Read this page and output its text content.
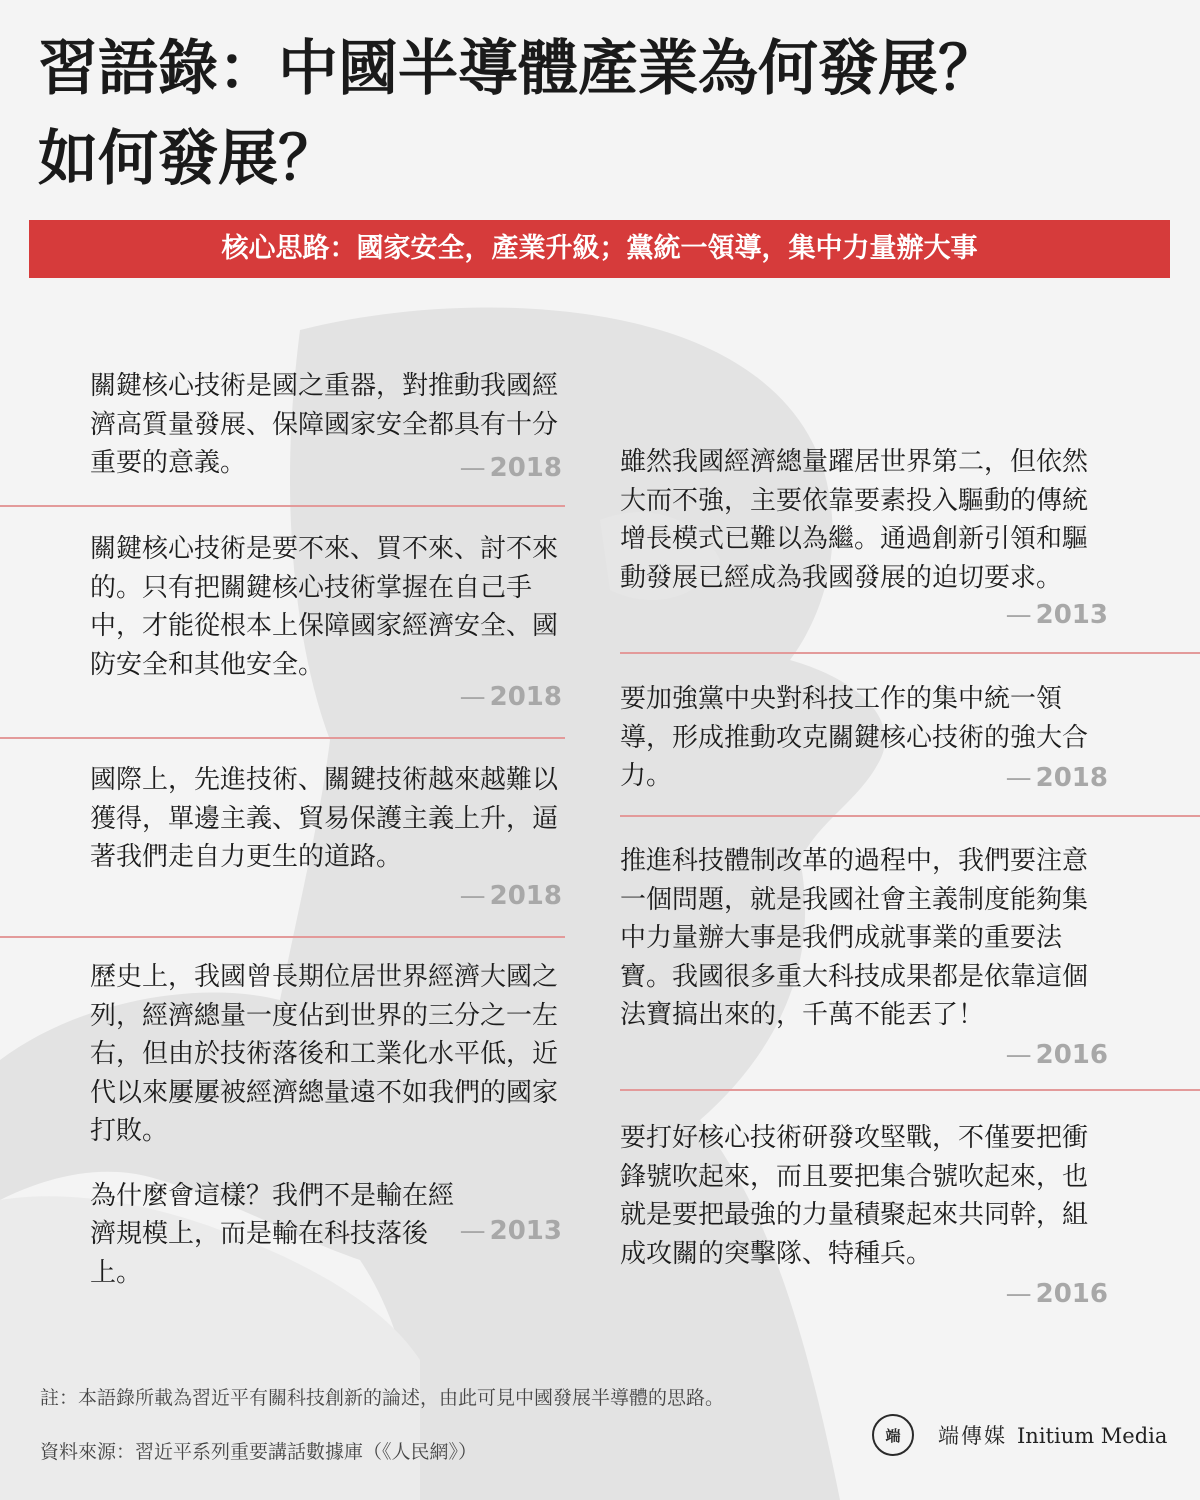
習語錄：中國半導體產業為何發展？
如何發展？
核心思路：國家安全，產業升級；黨統一領導，集中力量辦大事

關鍵核心技術是國之重器，對推動我國經濟高質量發展、保障國家安全都具有十分重要的意義。	— 2018

關鍵核心技術是要不來、買不來、討不來的。只有把關鍵核心技術掌握在自己手中，才能從根本上保障國家經濟安全、國防安全和其他安全。

— 2018

國際上，先進技術、關鍵技術越來越難以獲得，單邊主義、貿易保護主義上升，逼著我們走自力更生的道路。

— 2018

歷史上，我國曾長期位居世界經濟大國之列，經濟總量一度佔到世界的三分之一左右，但由於技術落後和工業化水平低，近代以來屢屢被經濟總量遠不如我們的國家打敗。

為什麼會這樣？我們不是輸在經濟規模上，而是輸在科技落後上。

— 2013

雖然我國經濟總量躍居世界第二，但依然大而不強，主要依靠要素投入驅動的傳統增長模式已難以為繼。通過創新引領和驅動發展已經成為我國發展的迫切要求。

— 2013

要加強黨中央對科技工作的集中統一領導，形成推動攻克關鍵核心技術的強大合力。	— 2018

推進科技體制改革的過程中，我們要注意一個問題，就是我國社會主義制度能夠集中力量辦大事是我們成就事業的重要法寶。我國很多重大科技成果都是依靠這個法寶搞出來的，千萬不能丟了！

— 2016

要打好核心技術研發攻堅戰，不僅要把衝鋒號吹起來，而且要把集合號吹起來，也就是要把最強的力量積聚起來共同幹，組成攻關的突擊隊、特種兵。

— 2016
註：本語錄所載為習近平有關科技創新的論述，由此可見中國發展半導體的思路。
資料來源：習近平系列重要講話數據庫（《人民網》）
端	端傳媒 Initium Media
